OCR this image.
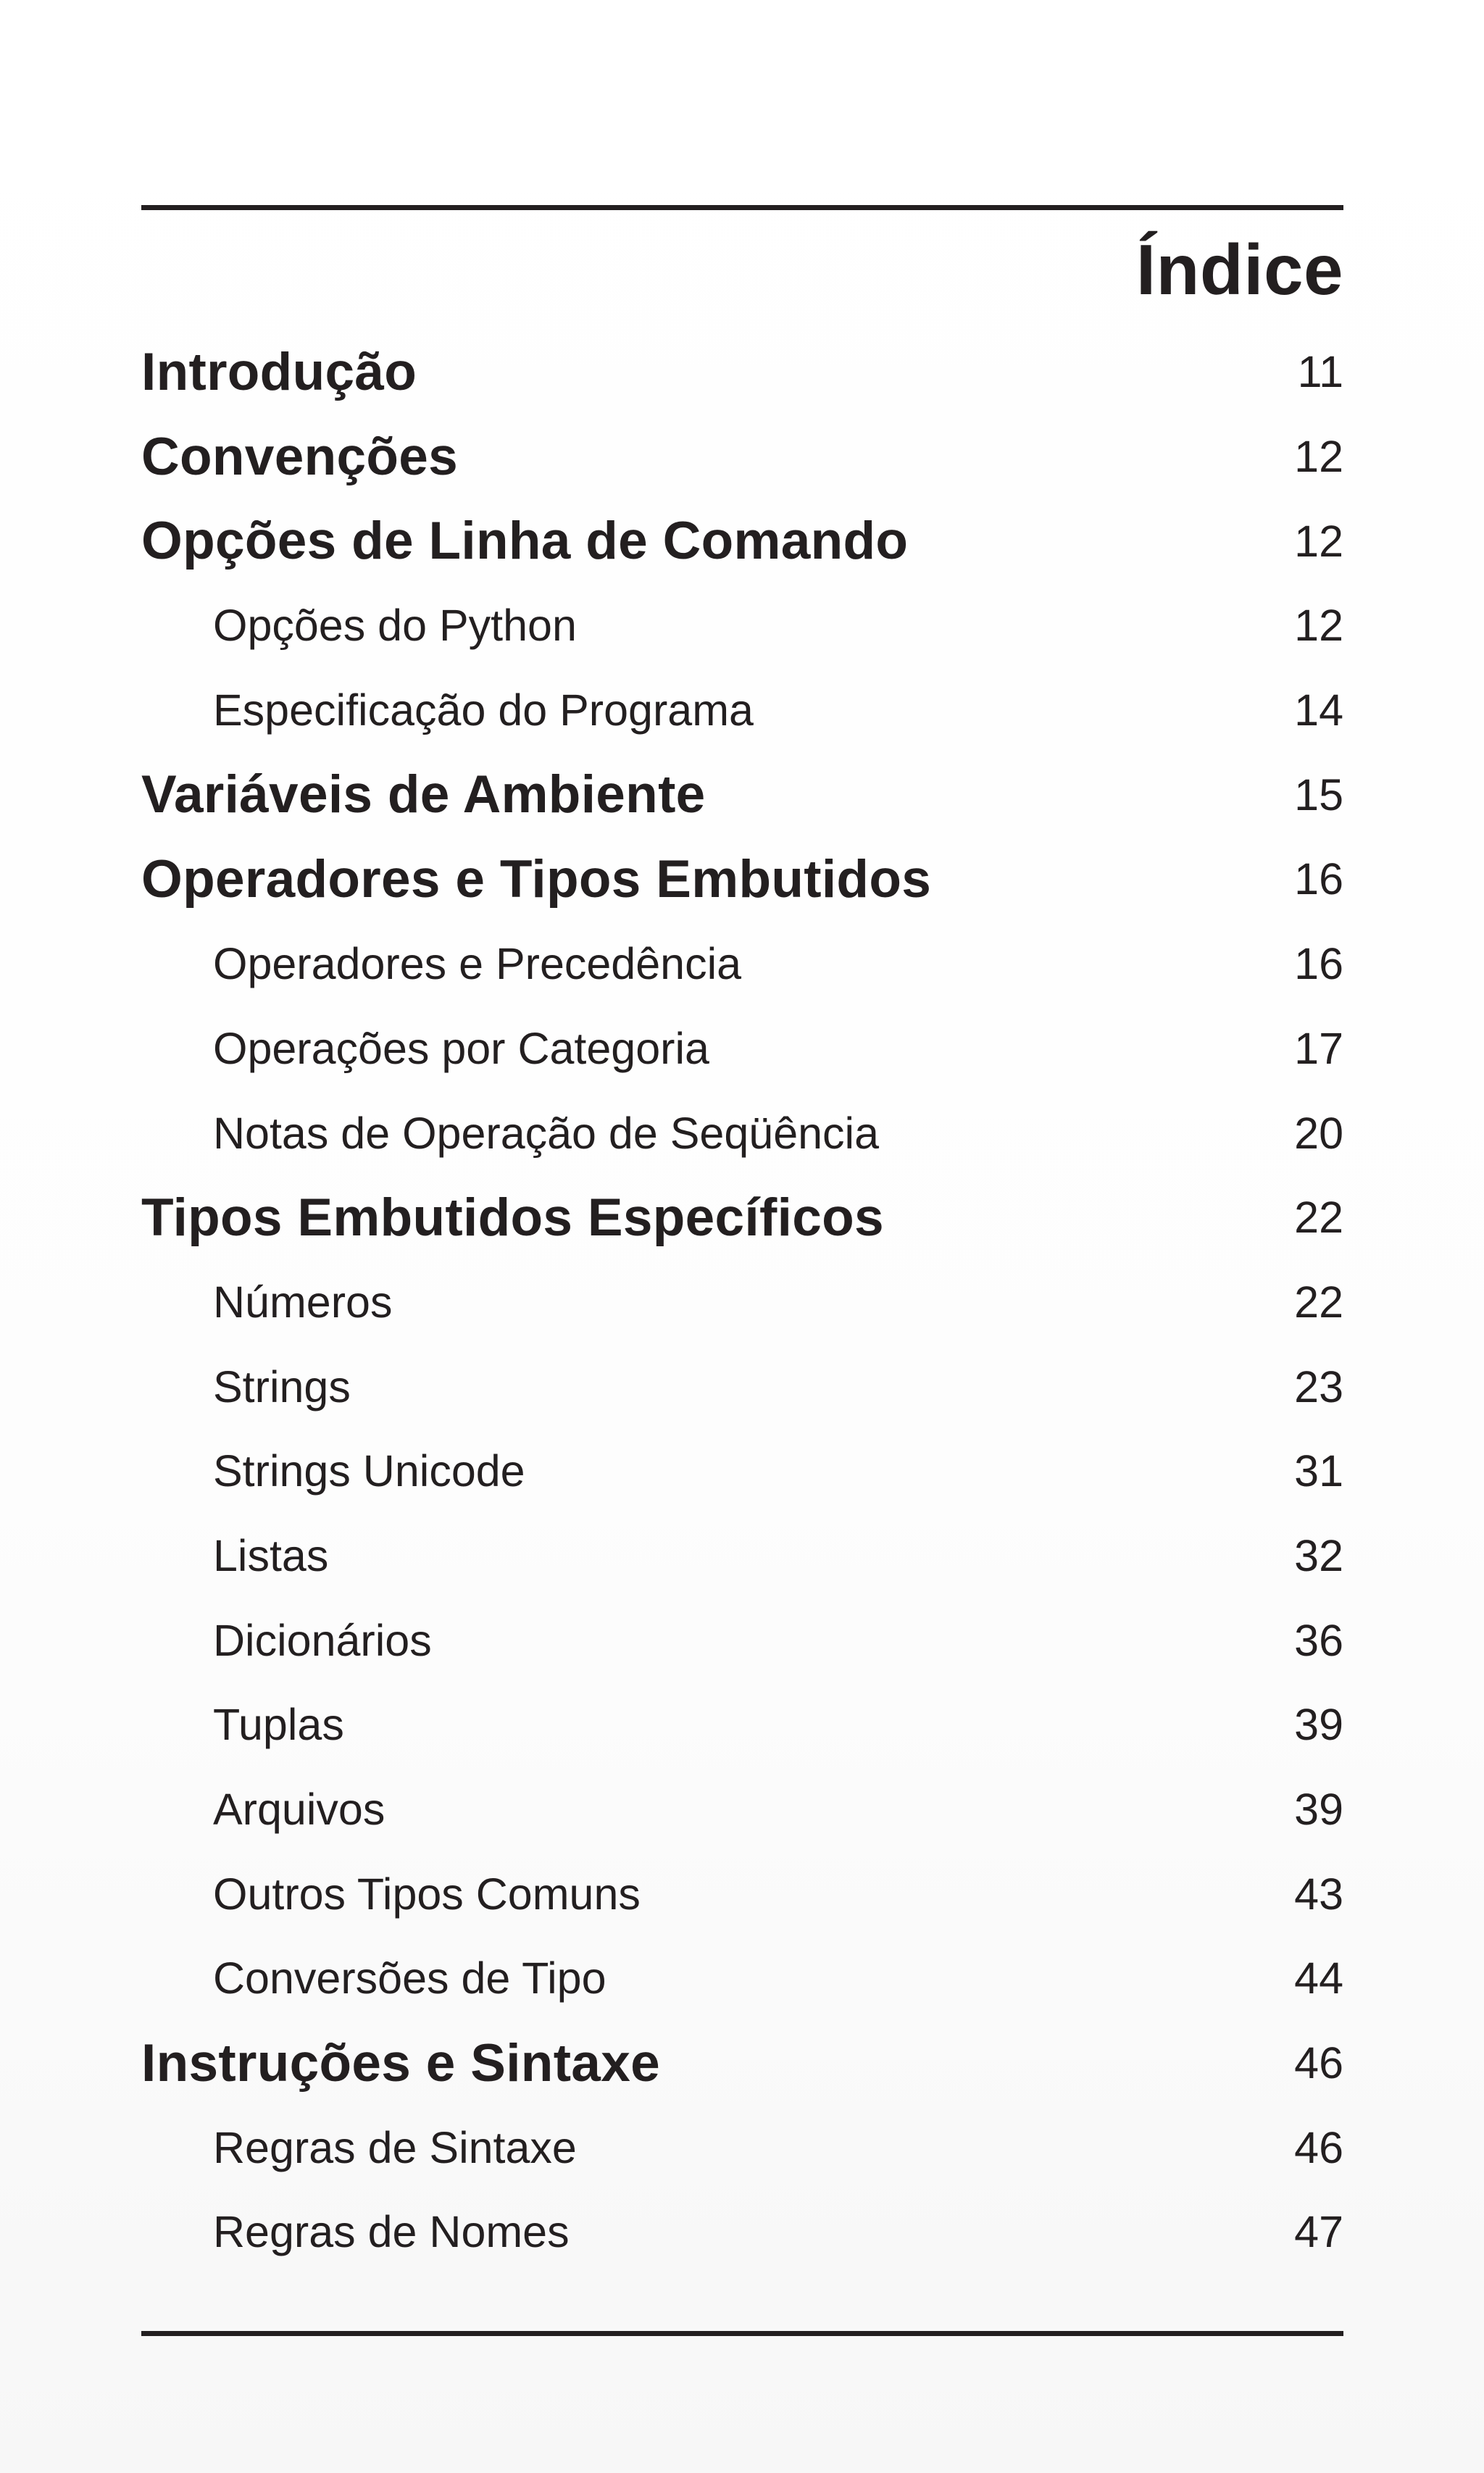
Índice
Introdução	11
Convenções	12
Opções de Linha de Comando	12
Opções do Python	12
Especificação do Programa	14
Variáveis de Ambiente	15
Operadores e Tipos Embutidos	16
Operadores e Precedência	16
Operações por Categoria	17
Notas de Operação de Seqüência	20
Tipos Embutidos Específicos	22
Números	22
Strings	23
Strings Unicode	31
Listas	32
Dicionários	36
Tuplas	39
Arquivos	39
Outros Tipos Comuns	43
Conversões de Tipo	44
Instruções e Sintaxe	46
Regras de Sintaxe	46
Regras de Nomes	47
